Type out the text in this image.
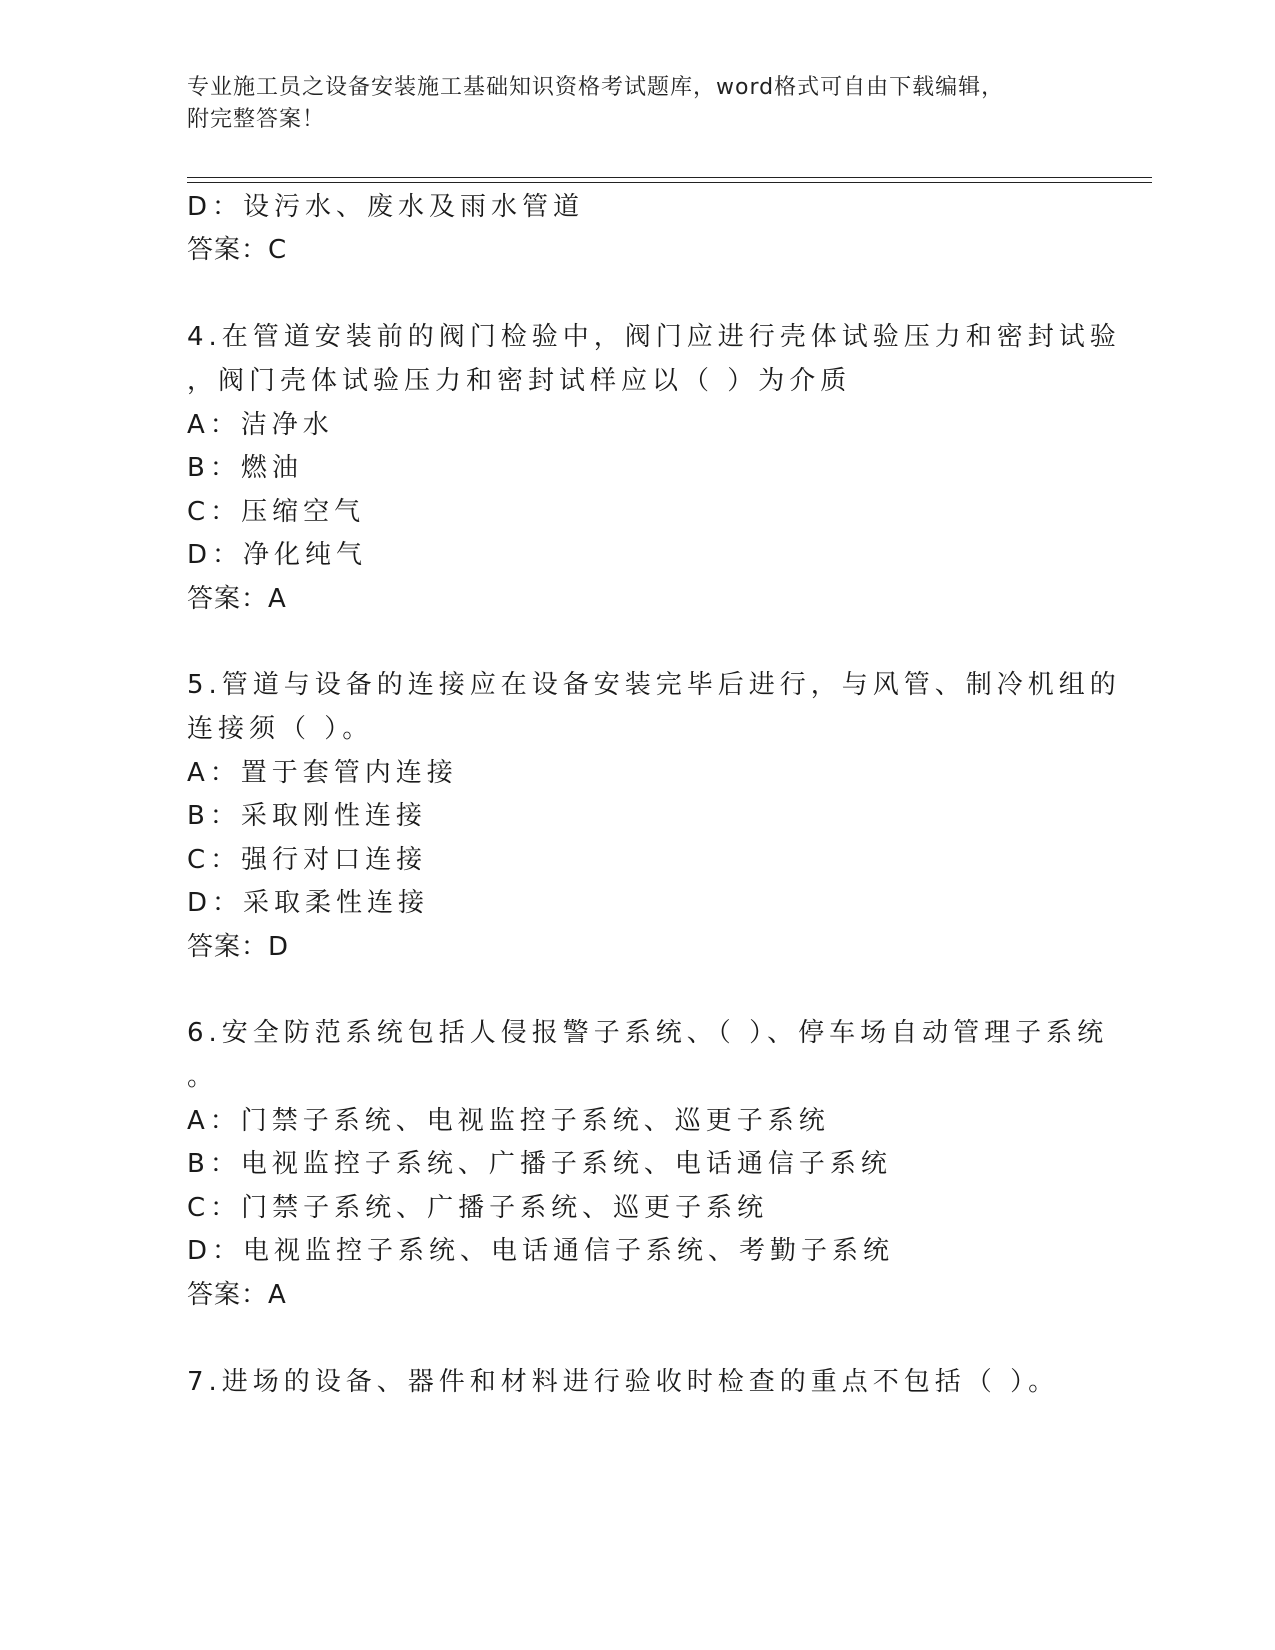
专业施工员之设备安装施工基础知识资格考试题库，word格式可自由下载编辑，
附完整答案！
D：设污水、废水及雨水管道
答案：C
4.在管道安装前的阀门检验中，阀门应进行壳体试验压力和密封试验
，阀门壳体试验压力和密封试样应以（ ）为介质
A：洁净水
B：燃油
C：压缩空气
D：净化纯气
答案：A
5.管道与设备的连接应在设备安装完毕后进行，与风管、制冷机组的
连接须（ ）。
A：置于套管内连接
B：采取刚性连接
C：强行对口连接
D：采取柔性连接
答案：D
6.安全防范系统包括人侵报警子系统、（ ）、停车场自动管理子系统
。
A：门禁子系统、电视监控子系统、巡更子系统
B：电视监控子系统、广播子系统、电话通信子系统
C：门禁子系统、广播子系统、巡更子系统
D：电视监控子系统、电话通信子系统、考勤子系统
答案：A
7.进场的设备、器件和材料进行验收时检查的重点不包括（ ）。
